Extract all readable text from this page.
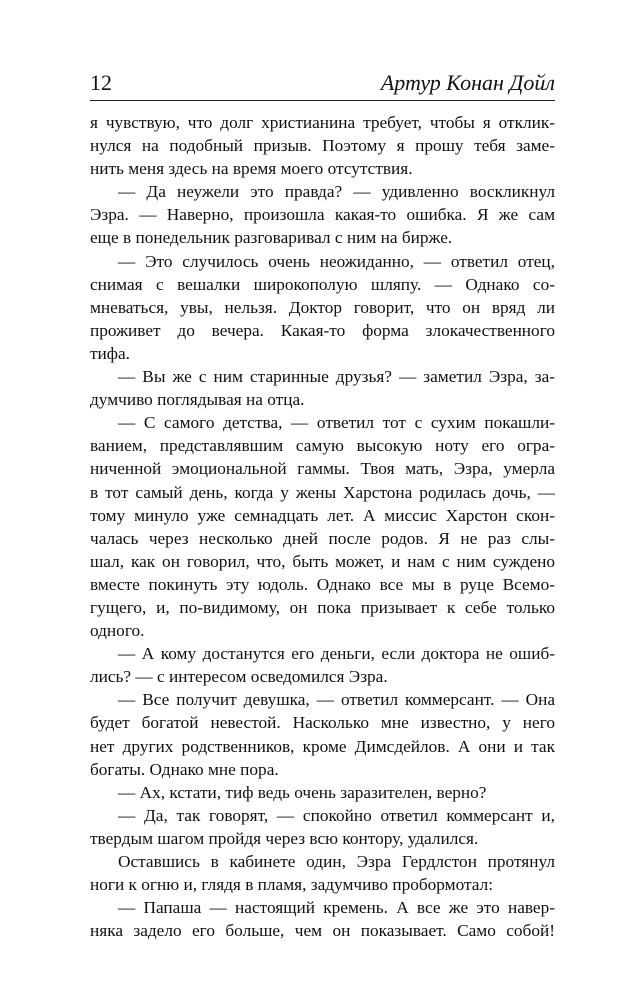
12	Артур Конан Дойл
я чувствую, что долг христианина требует, чтобы я отклик-
нулся на подобный призыв. Поэтому я прошу тебя заме-
нить меня здесь на время моего отсутствия.
— Да неужели это правда? — удивленно воскликнул
Эзра. — Наверно, произошла какая-то ошибка. Я же сам
еще в понедельник разговаривал с ним на бирже.
— Это случилось очень неожиданно, — ответил отец,
снимая с вешалки широкополую шляпу. — Однако со-
мневаться, увы, нельзя. Доктор говорит, что он вряд ли
проживет до вечера. Какая-то форма злокачественного
тифа.
— Вы же с ним старинные друзья? — заметил Эзра, за-
думчиво поглядывая на отца.
— С самого детства, — ответил тот с сухим покашли-
ванием, представлявшим самую высокую ноту его огра-
ниченной эмоциональной гаммы. Твоя мать, Эзра, умерла
в тот самый день, когда у жены Харстона родилась дочь, —
тому минуло уже семнадцать лет. А миссис Харстон скон-
чалась через несколько дней после родов. Я не раз слы-
шал, как он говорил, что, быть может, и нам с ним суждено
вместе покинуть эту юдоль. Однако все мы в руце Всемо-
гущего, и, по-видимому, он пока призывает к себе только
одного.
— А кому достанутся его деньги, если доктора не ошиб-
лись? — с интересом осведомился Эзра.
— Все получит девушка, — ответил коммерсант. — Она
будет богатой невестой. Насколько мне известно, у него
нет других родственников, кроме Димсдейлов. А они и так
богаты. Однако мне пора.
— Ах, кстати, тиф ведь очень заразителен, верно?
— Да, так говорят, — спокойно ответил коммерсант и,
твердым шагом пройдя через всю контору, удалился.
Оставшись в кабинете один, Эзра Гердлстон протянул
ноги к огню и, глядя в пламя, задумчиво пробормотал:
— Папаша — настоящий кремень. А все же это навер-
няка задело его больше, чем он показывает. Само собой!
